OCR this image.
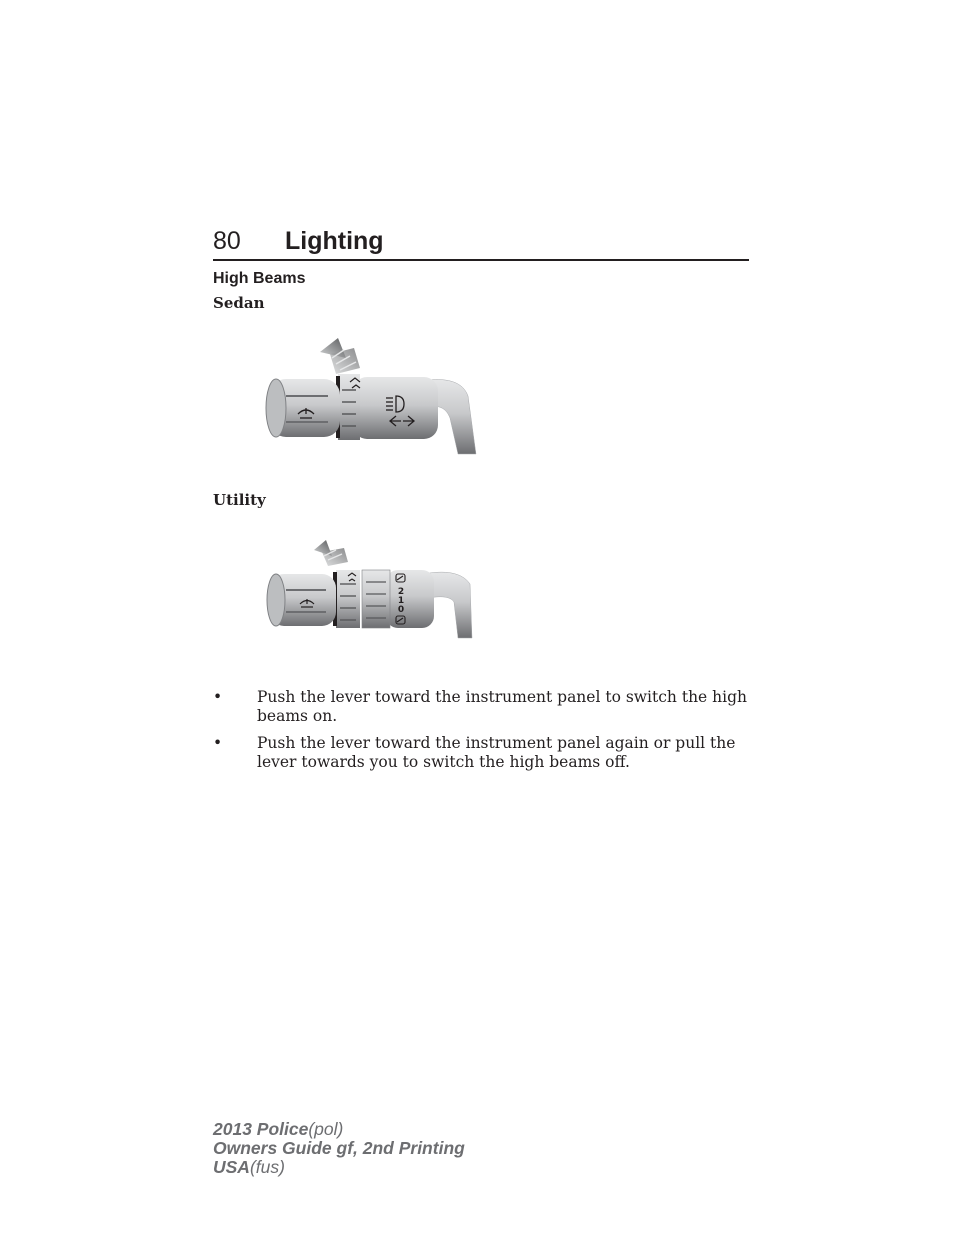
80 Lighting
High Beams
Sedan
Utility
2
1
0
• Push the lever toward the instrument panel to switch the high beams on.
• Push the lever toward the instrument panel again or pull the lever towards you to switch the high beams off.
2013 Police(pol)
Owners Guide gf, 2nd Printing
USA(fus)
